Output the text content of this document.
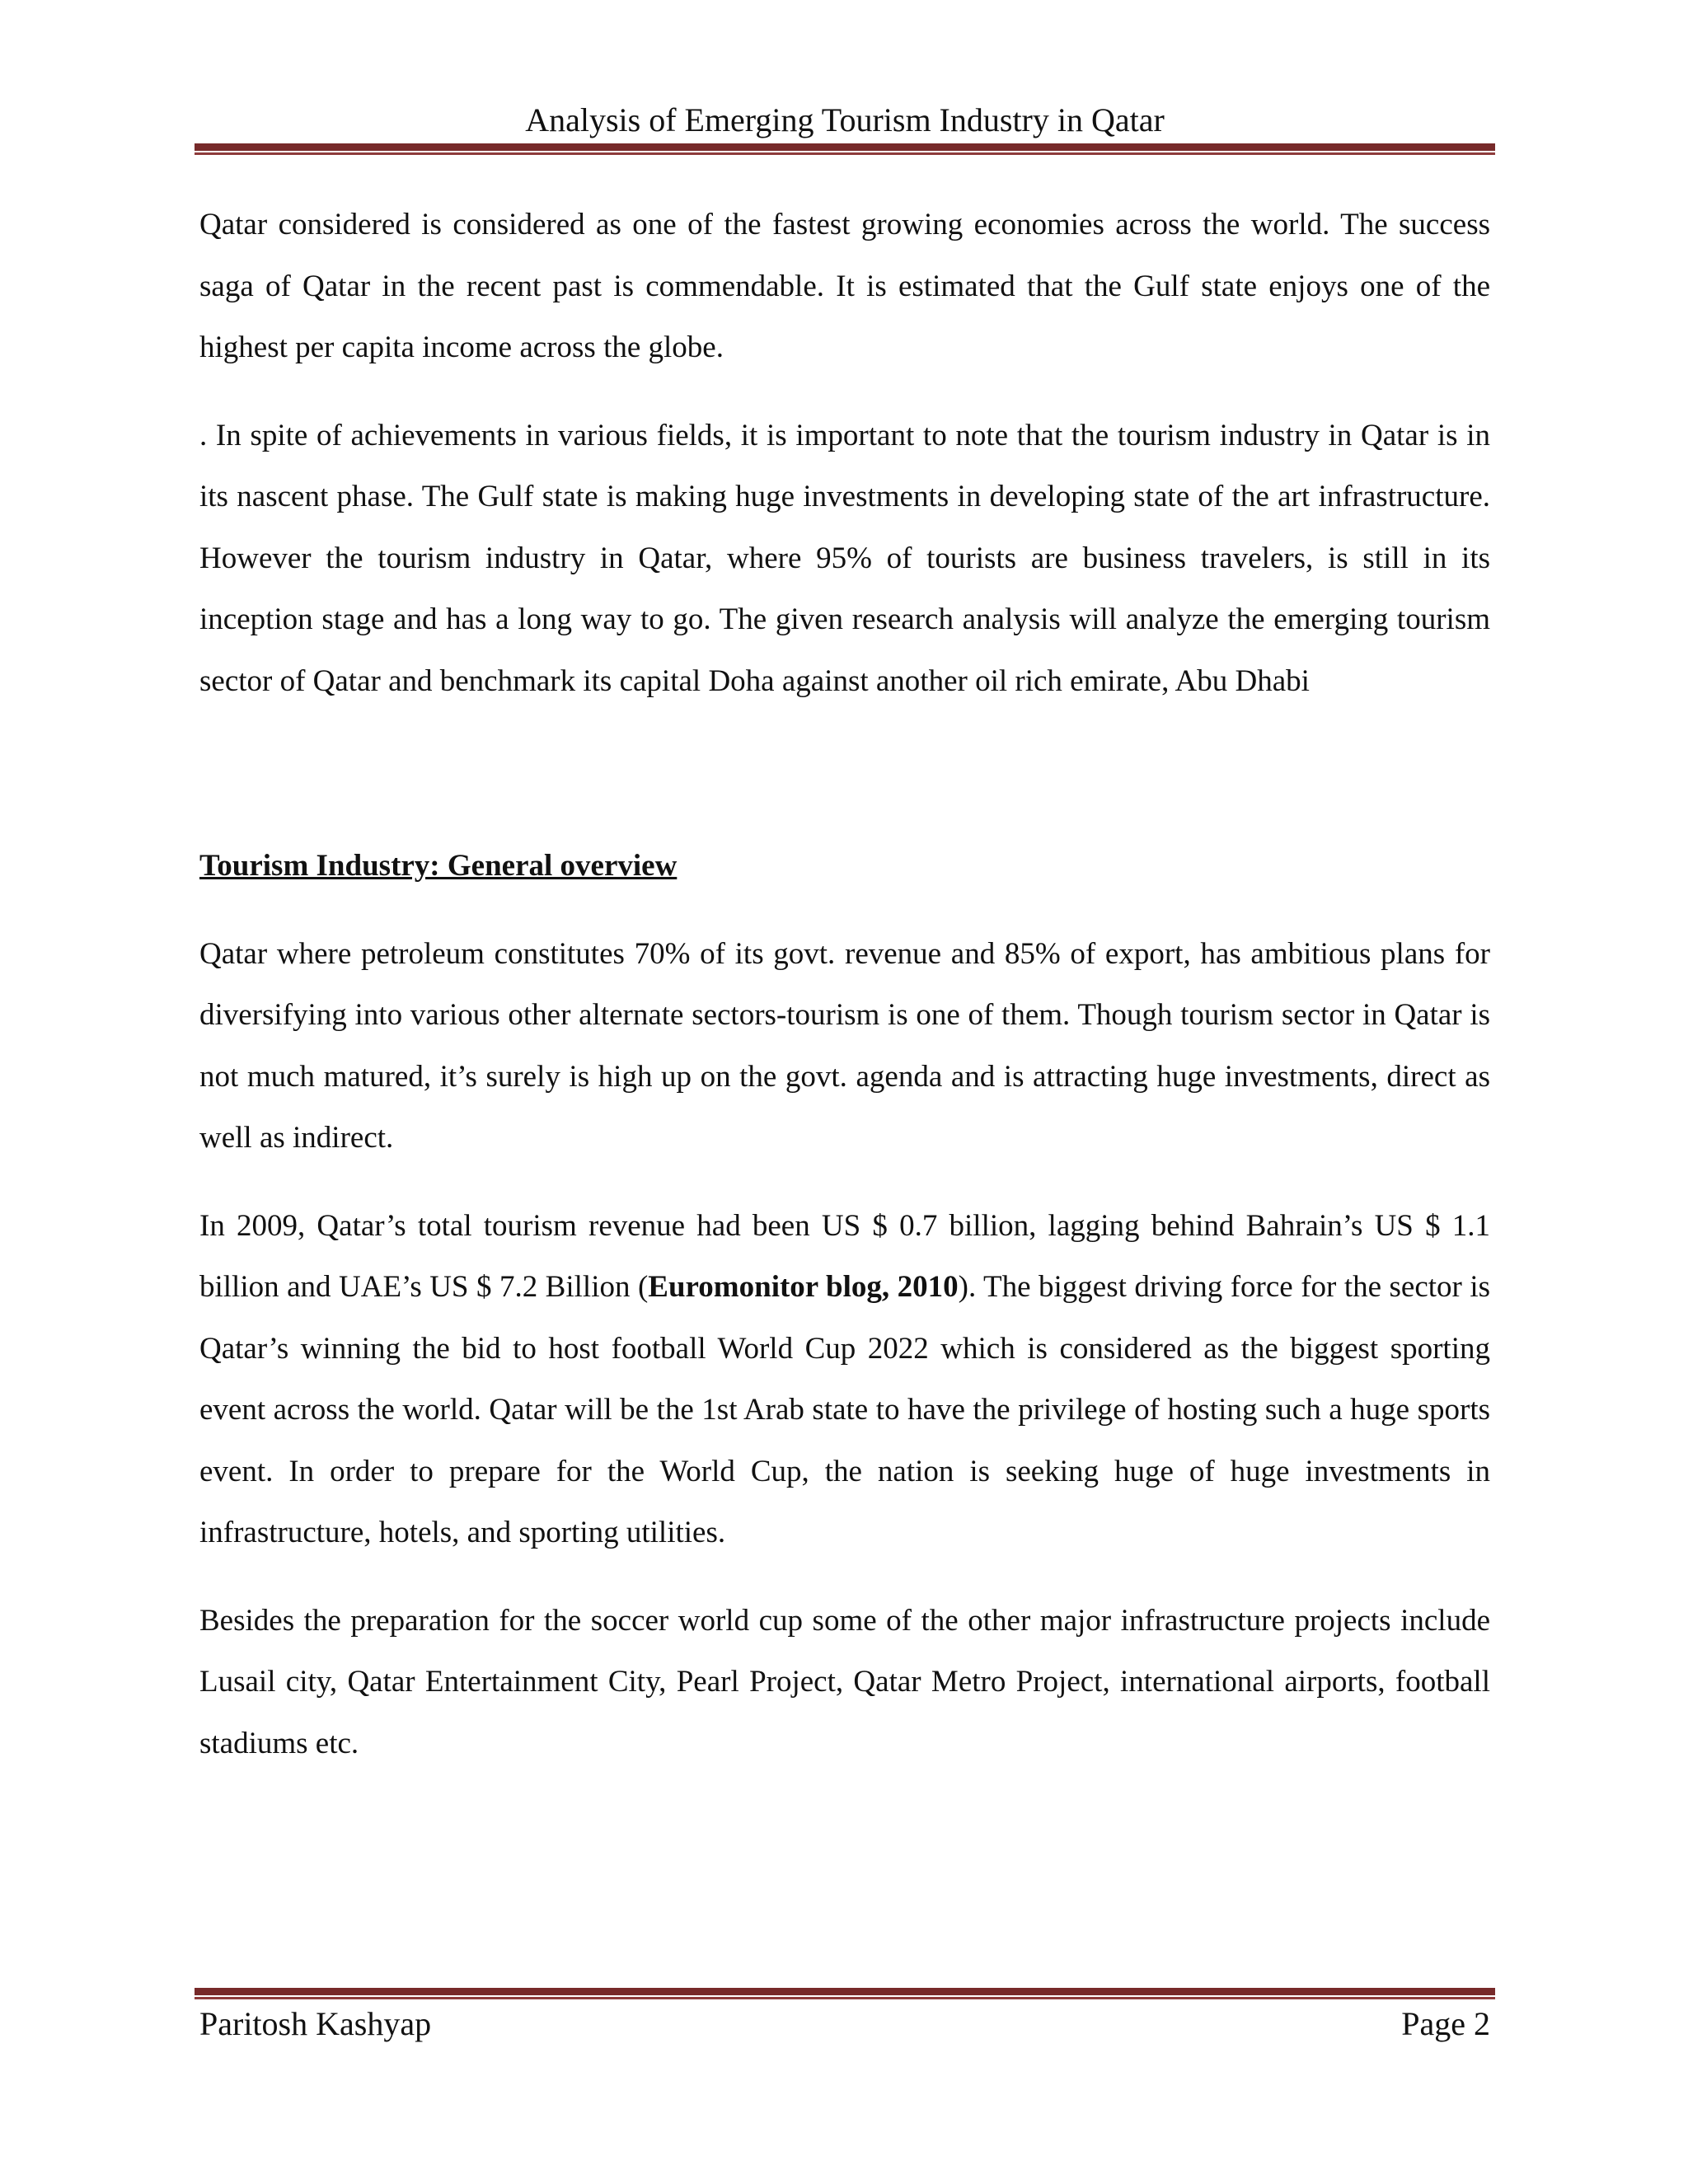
Analysis of Emerging Tourism Industry in Qatar

Qatar considered is considered as one of the fastest growing economies across the world. The success saga of Qatar in the recent past is commendable. It is estimated that the Gulf state enjoys one of the highest per capita income across the globe.

. In spite of achievements in various fields, it is important to note that the tourism industry in Qatar is in its nascent phase. The Gulf state is making huge investments in developing state of the art infrastructure. However the tourism industry in Qatar, where 95% of tourists are business travelers, is still in its inception stage and has a long way to go. The given research analysis will analyze the emerging tourism sector of Qatar and benchmark its capital Doha against another oil rich emirate, Abu Dhabi

Tourism Industry: General overview

Qatar where petroleum constitutes 70% of its govt. revenue and 85% of export, has ambitious plans for diversifying into various other alternate sectors-tourism is one of them. Though tourism sector in Qatar is not much matured, it’s surely is high up on the govt. agenda and is attracting huge investments, direct as well as indirect.

In 2009, Qatar’s total tourism revenue had been US $ 0.7 billion, lagging behind Bahrain’s US $ 1.1 billion and UAE’s US $ 7.2 Billion (Euromonitor blog, 2010). The biggest driving force for the sector is Qatar’s winning the bid to host football World Cup 2022 which is considered as the biggest sporting event across the world. Qatar will be the 1st Arab state to have the privilege of hosting such a huge sports event. In order to prepare for the World Cup, the nation is seeking huge of huge investments in infrastructure, hotels, and sporting utilities.

Besides the preparation for the soccer world cup some of the other major infrastructure projects include Lusail city, Qatar Entertainment City, Pearl Project, Qatar Metro Project, international airports, football stadiums etc.

Paritosh Kashyap	Page 2
